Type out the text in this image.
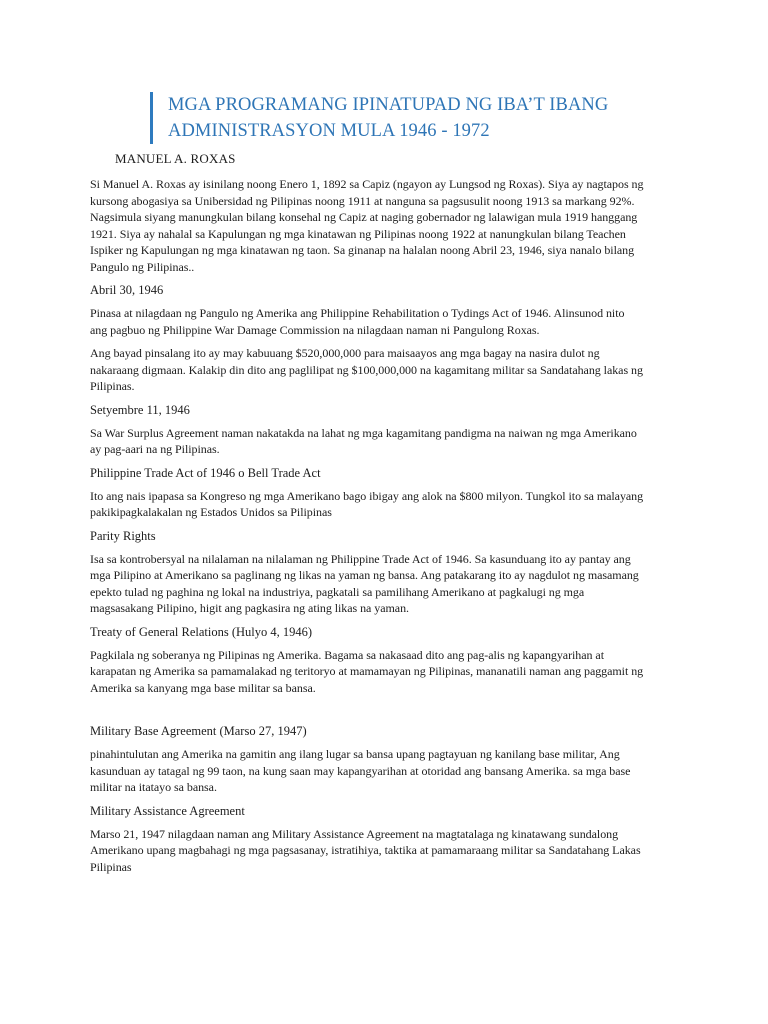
MGA PROGRAMANG IPINATUPAD NG IBA’T IBANG
ADMINISTRASYON MULA 1946 - 1972
MANUEL A. ROXAS
Si Manuel A. Roxas ay isinilang noong Enero 1, 1892 sa Capiz (ngayon ay Lungsod ng Roxas). Siya ay nagtapos ng
kursong abogasiya sa Unibersidad ng Pilipinas noong 1911 at nanguna sa pagsusulit noong 1913 sa markang 92%.
Nagsimula siyang manungkulan bilang konsehal ng Capiz at naging gobernador ng lalawigan mula 1919 hanggang
1921. Siya ay nahalal sa Kapulungan ng mga kinatawan ng Pilipinas noong 1922 at nanungkulan bilang Teachen
Ispiker ng Kapulungan ng mga kinatawan ng taon. Sa ginanap na halalan noong Abril 23, 1946, siya nanalo bilang
Pangulo ng Pilipinas..
Abril 30, 1946
Pinasa at nilagdaan ng Pangulo ng Amerika ang Philippine Rehabilitation o Tydings Act of 1946. Alinsunod nito
ang pagbuo ng Philippine War Damage Commission na nilagdaan naman ni Pangulong Roxas.
Ang bayad pinsalang ito ay may kabuuang $520,000,000 para maisaayos ang mga bagay na nasira dulot ng
nakaraang digmaan. Kalakip din dito ang paglilipat ng $100,000,000 na kagamitang militar sa Sandatahang lakas ng
Pilipinas.
Setyembre 11, 1946
Sa War Surplus Agreement naman nakatakda na lahat ng mga kagamitang pandigma na naiwan ng mga Amerikano
ay pag-aari na ng Pilipinas.
Philippine Trade Act of 1946 o Bell Trade Act
Ito ang nais ipapasa sa Kongreso ng mga Amerikano bago ibigay ang alok na $800 milyon. Tungkol ito sa malayang
pakikipagkalakalan ng Estados Unidos sa Pilipinas
Parity Rights
Isa sa kontrobersyal na nilalaman na nilalaman ng Philippine Trade Act of 1946. Sa kasunduang ito ay pantay ang
mga Pilipino at Amerikano sa paglinang ng likas na yaman ng bansa. Ang patakarang ito ay nagdulot ng masamang
epekto tulad ng paghina ng lokal na industriya, pagkatali sa pamilihang Amerikano at pagkalugi ng mga
magsasakang Pilipino, higit ang pagkasira ng ating likas na yaman.
Treaty of General Relations (Hulyo 4, 1946)
Pagkilala ng soberanya ng Pilipinas ng Amerika. Bagama sa nakasaad dito ang pag-alis ng kapangyarihan at
karapatan ng Amerika sa pamamalakad ng teritoryo at mamamayan ng Pilipinas, mananatili naman ang paggamit ng
Amerika sa kanyang mga base militar sa bansa.
Military Base Agreement (Marso 27, 1947)
pinahintulutan ang Amerika na gamitin ang ilang lugar sa bansa upang pagtayuan ng kanilang base militar, Ang
kasunduan ay tatagal ng 99 taon, na kung saan may kapangyarihan at otoridad ang bansang Amerika. sa mga base
militar na itatayo sa bansa.
Military Assistance Agreement
Marso 21, 1947 nilagdaan naman ang Military Assistance Agreement na magtatalaga ng kinatawang sundalong
Amerikano upang magbahagi ng mga pagsasanay, istratihiya, taktika at pamamaraang militar sa Sandatahang Lakas
Pilipinas
